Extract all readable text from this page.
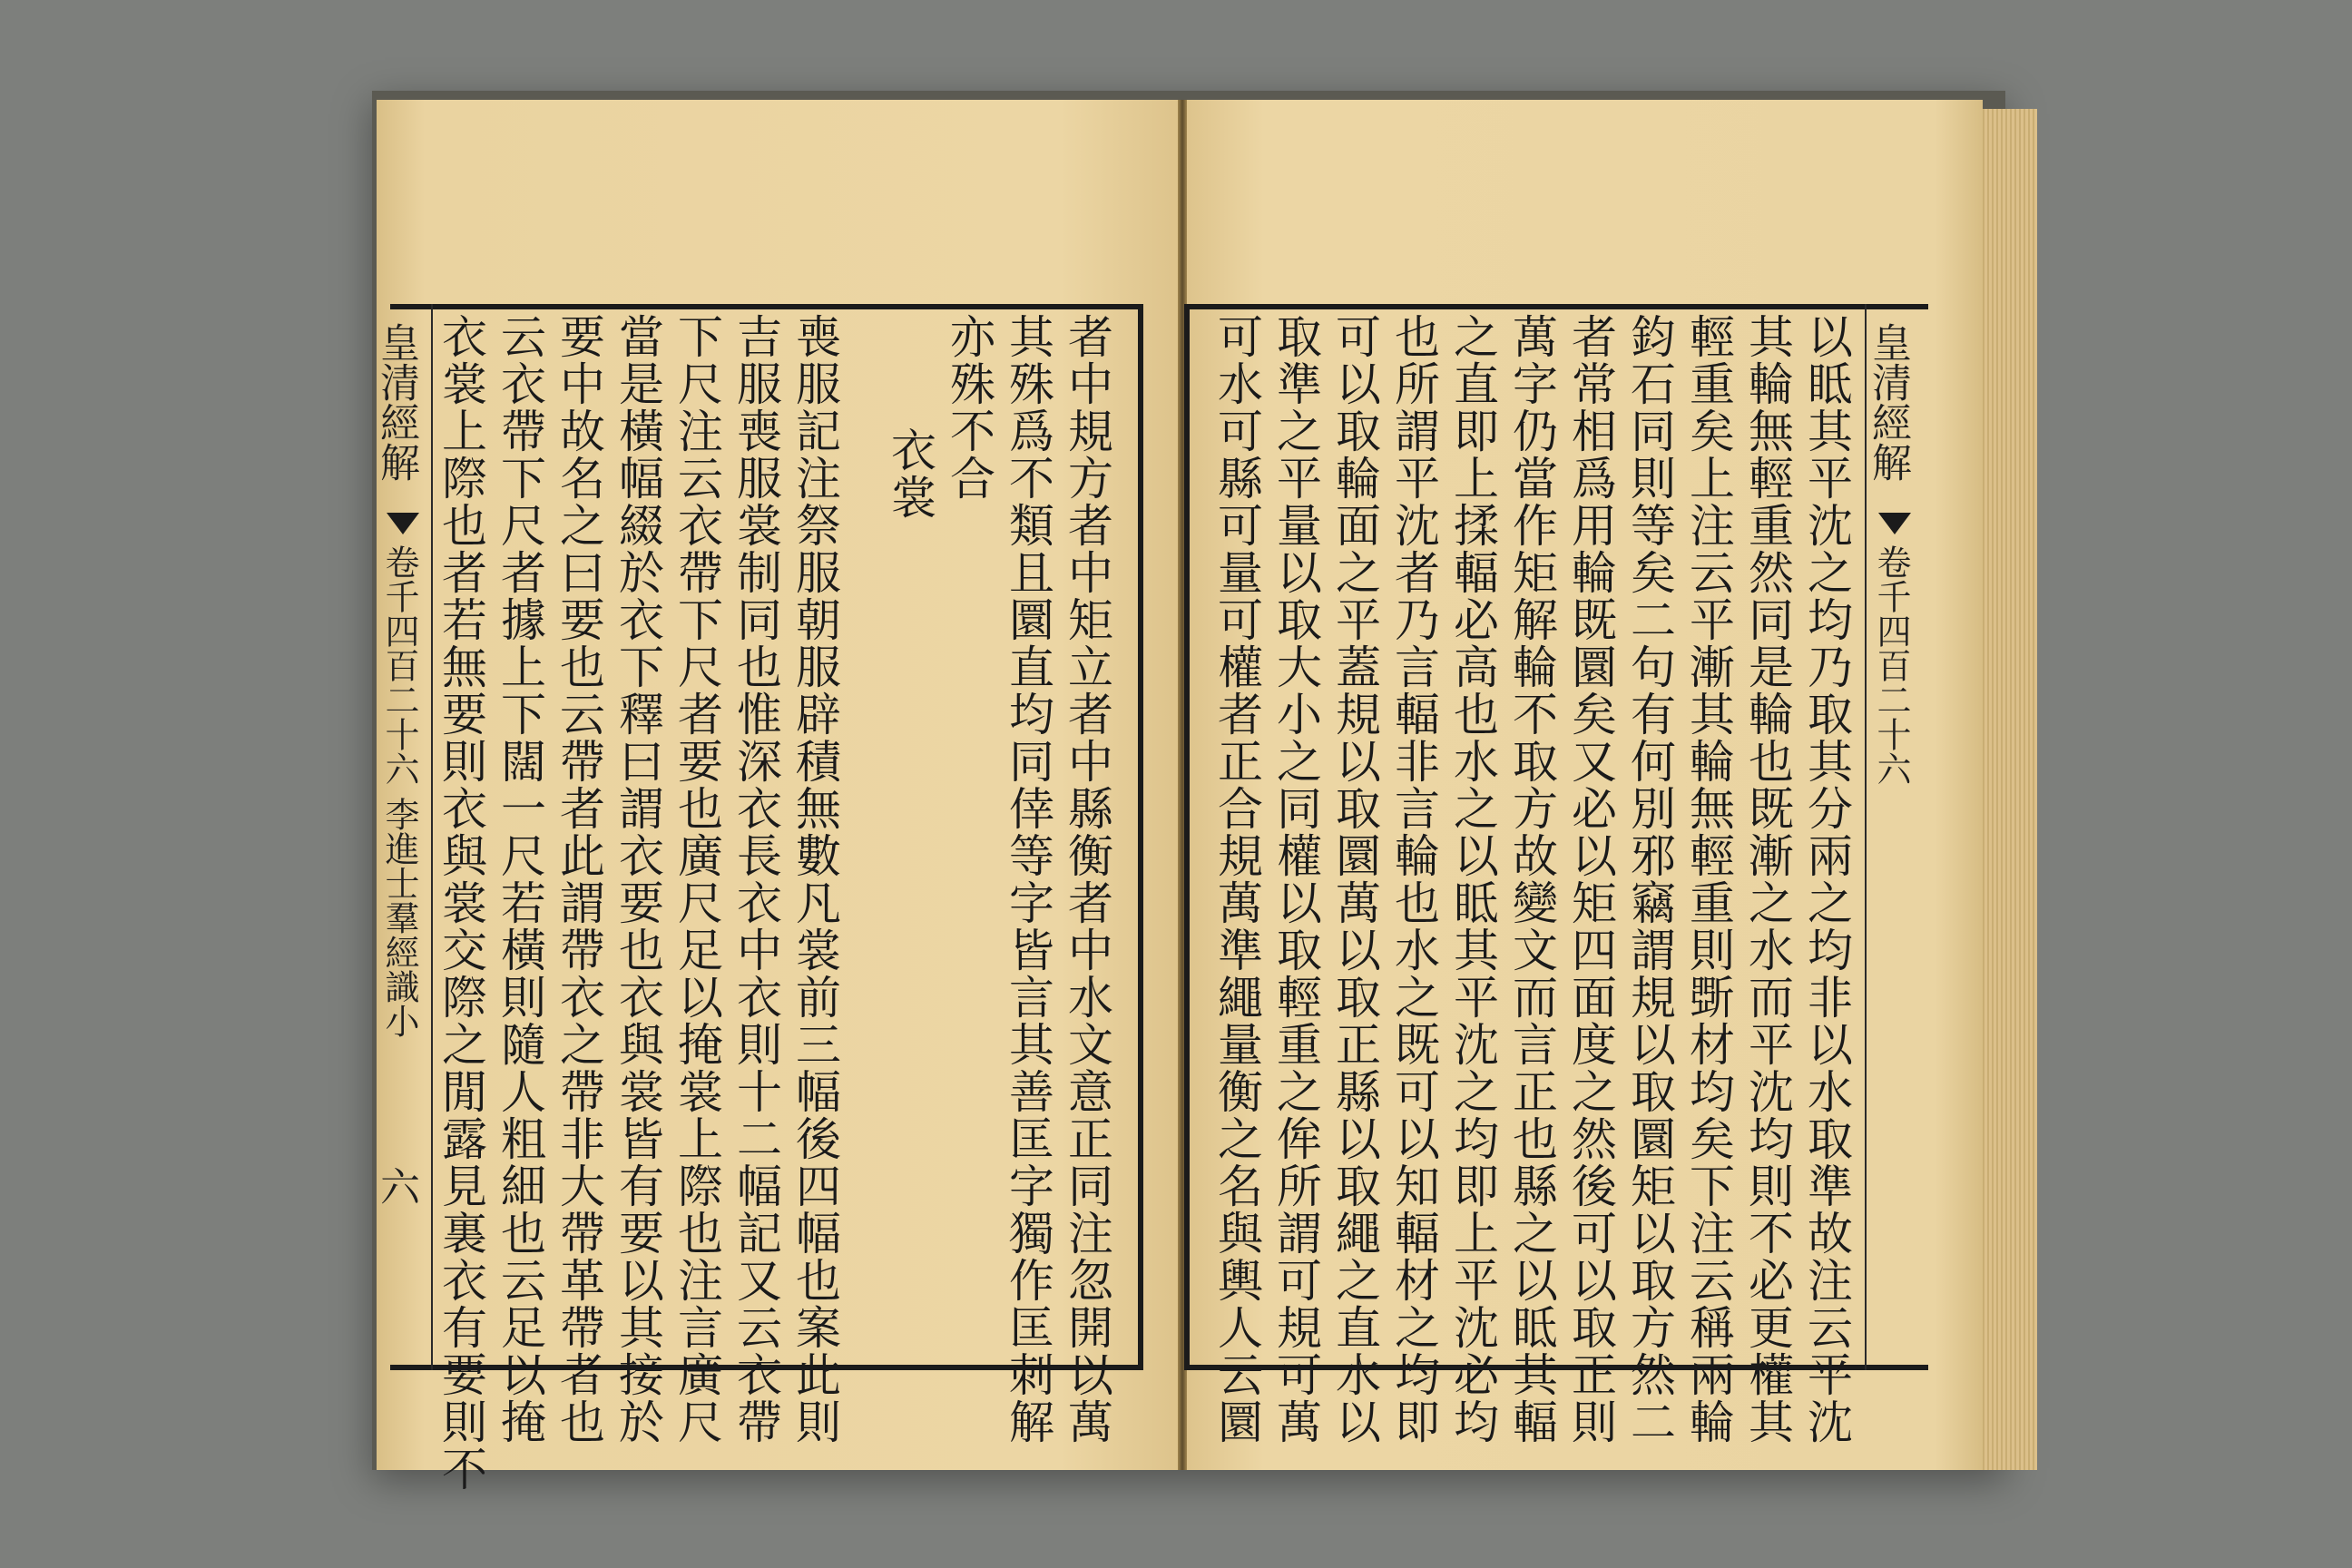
皇清經解
卷千四百二十六 李進士羣經識小
六 衣裳上際也者若無要則衣與裳交際之閒露見裏衣有要則不 云衣帶下尺者據上下闊一尺若橫則隨人粗細也云足以掩 要中故名之曰要也云帶者此謂帶衣之帶非大帶革帶者也 當是橫幅綴於衣下釋曰謂衣要也衣與裳皆有要以其接於 下尺注云衣帶下尺者要也廣尺足以掩裳上際也注言廣尺 吉服喪服裳制同也惟深衣長衣中衣則十二幅記又云衣帶 喪服記注祭服朝服辟積無數凡裳前三幅後四幅也案此則 衣裳 亦殊不合 其殊爲不類且圜直均同倖等字皆言其善匡字獨作匡刺解 者中規方者中矩立者中縣衡者中水文意正同注忽開以萬 可水可縣可量可權者正合規萬準繩量衡之名與輿人云圜 取準之平量以取大小之同權以取輕重之侔所謂可規可萬 可以取輪面之平蓋規以取圜萬以取正縣以取繩之直水以 也所謂平沈者乃言輻非言輪也水之既可以知輻材之均即 之直即上揉輻必高也水之以眡其平沈之均即上平沈必均 萬字仍當作矩解輪不取方故變文而言正也縣之以眡其輻 者常相爲用輪既圜矣又必以矩四面度之然後可以取正則 鈞石同則等矣二句有何別邪竊謂規以取圜矩以取方然二 輕重矣上注云平漸其輪無輕重則斲材均矣下注云稱兩輪 其輪無輕重然同是輪也既漸之水而平沈均則不必更權其 以眡其平沈之均乃取其分兩之均非以水取準故注云平沈 皇清經解
卷千四百二十六
